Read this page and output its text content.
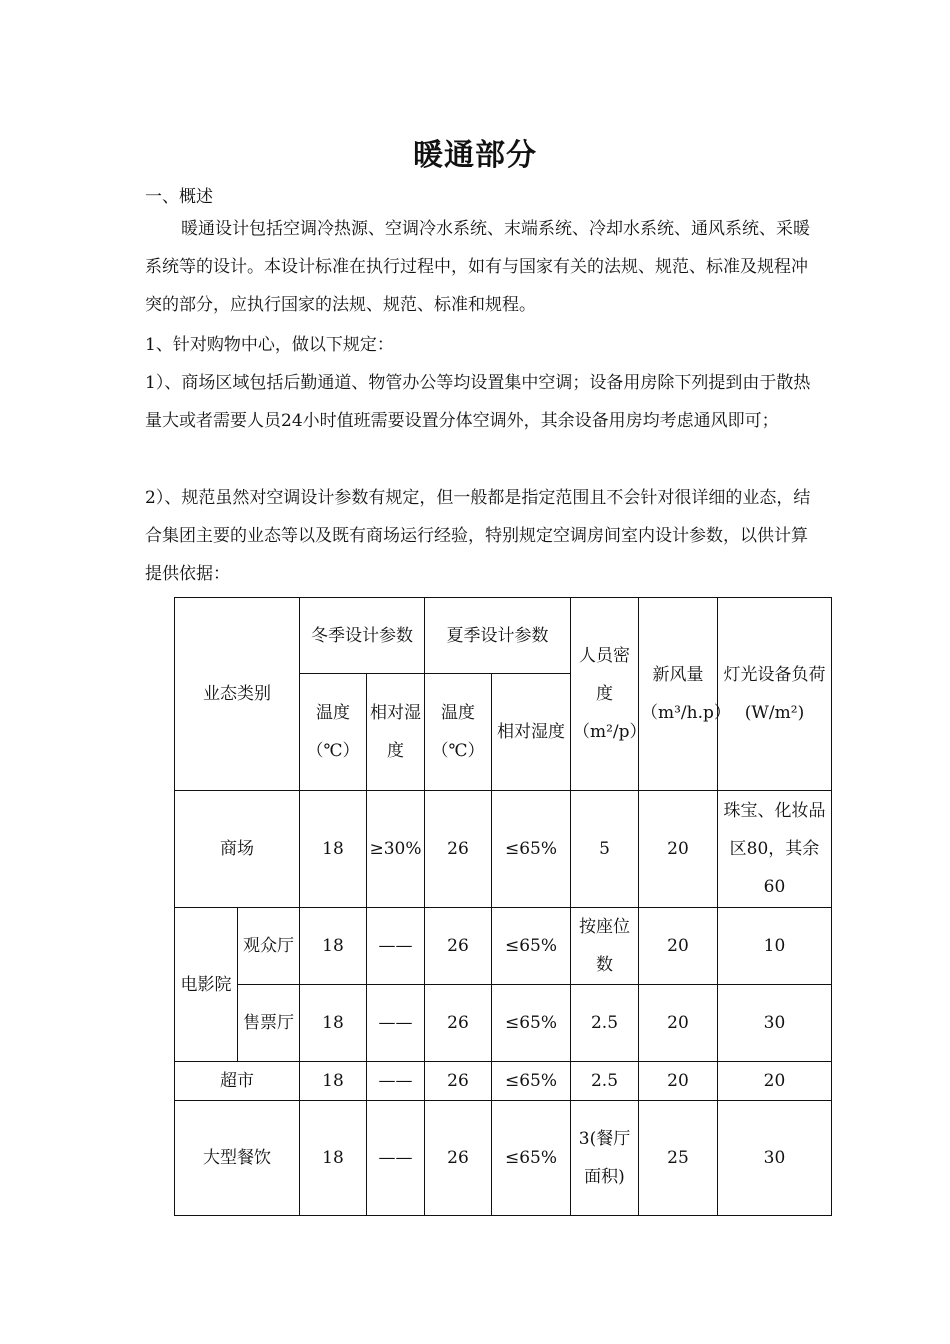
暖通部分
一、概述
暖通设计包括空调冷热源、空调冷水系统、末端系统、冷却水系统、通风系统、采暖系统等的设计。本设计标准在执行过程中，如有与国家有关的法规、规范、标准及规程冲突的部分，应执行国家的法规、规范、标准和规程。
1、针对购物中心，做以下规定：
1）、商场区域包括后勤通道、物管办公等均设置集中空调；设备用房除下列提到由于散热量大或者需要人员24小时值班需要设置分体空调外，其余设备用房均考虑通风即可；
2）、规范虽然对空调设计参数有规定，但一般都是指定范围且不会针对很详细的业态，结合集团主要的业态等以及既有商场运行经验，特别规定空调房间室内设计参数，以供计算提供依据：
业态类别		冬季设计参数		夏季设计参数		人员密度（m²/p）	新风量（m³/h.p）	灯光设备负荷(W/m²)
		温度（℃）	相对湿度	温度（℃）	相对湿度			
商场		18	≥30%	26	≤65%	5	20	珠宝、化妆品区80，其余60
电影院	观众厅	18	——	26	≤65%	按座位数	20	10
	售票厅	18	——	26	≤65%	2.5	20	30
超市		18	——	26	≤65%	2.5	20	20
大型餐饮		18	——	26	≤65%	3(餐厅面积)	25	30
